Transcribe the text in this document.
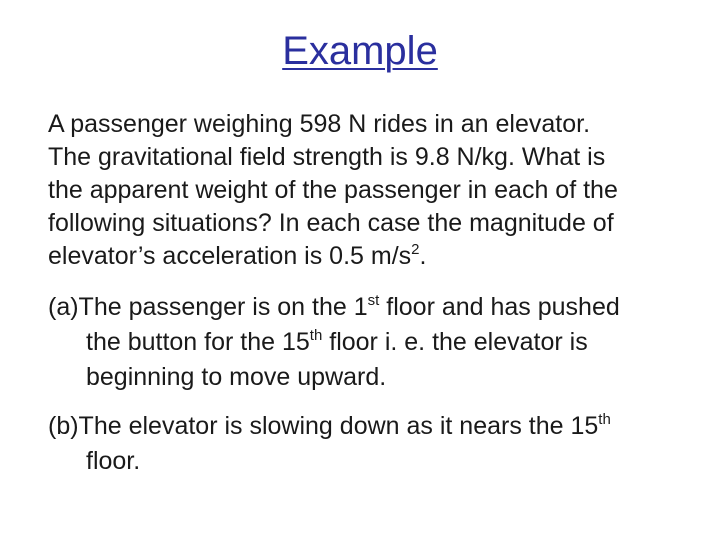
Example
A passenger weighing 598 N rides in an elevator.
The gravitational field strength is 9.8 N/kg. What is
the apparent weight of the passenger in each of the
following situations? In each case the magnitude of
elevator’s acceleration is 0.5 $m/s^2$.
(a)The passenger is on the 1st floor and has pushed
the button for the 15th floor i. e. the elevator is
beginning to move upward.
(b)The elevator is slowing down as it nears the 15th
floor.
